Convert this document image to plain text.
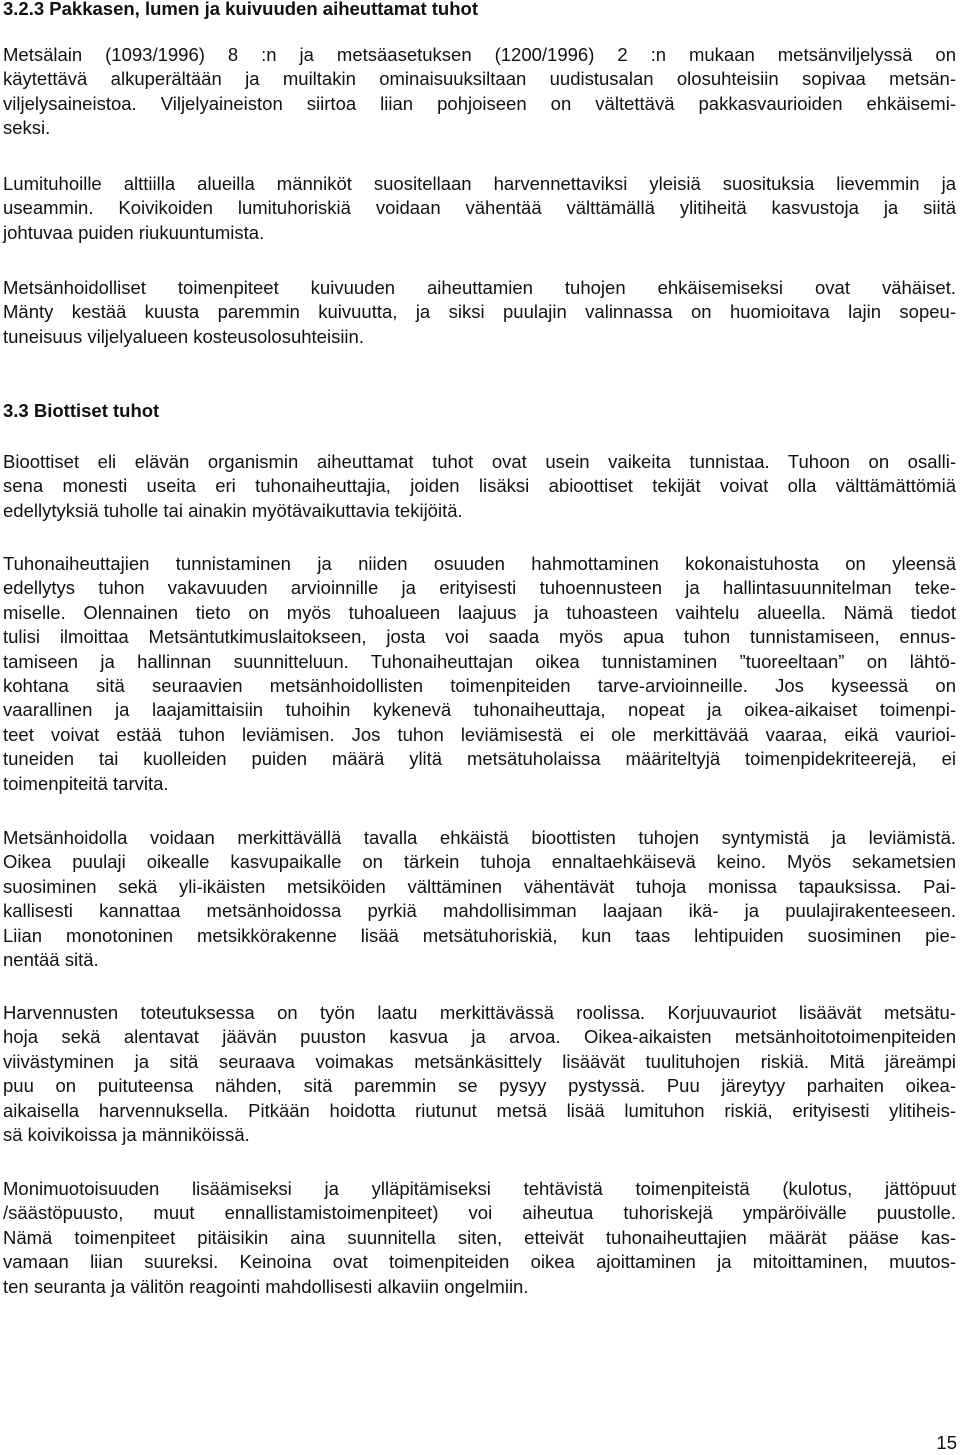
3.2.3 Pakkasen, lumen ja kuivuuden aiheuttamat tuhot

Metsälain (1093/1996) 8 :n ja metsäasetuksen (1200/1996) 2 :n mukaan metsänviljelyssä on
käytettävä alkuperältään ja muiltakin ominaisuuksiltaan uudistusalan olosuhteisiin sopivaa metsän-
viljelysaineistoa. Viljelyaineiston siirtoa liian pohjoiseen on vältettävä pakkasvaurioiden ehkäisemi-
seksi.

Lumituhoille alttiilla alueilla männiköt suositellaan harvennettaviksi yleisiä suosituksia lievemmin ja
useammin. Koivikoiden lumituhoriskiä voidaan vähentää välttämällä ylitiheitä kasvustoja ja siitä
johtuvaa puiden riukuuntumista.

Metsänhoidolliset toimenpiteet kuivuuden aiheuttamien tuhojen ehkäisemiseksi ovat vähäiset.
Mänty kestää kuusta paremmin kuivuutta, ja siksi puulajin valinnassa on huomioitava lajin sopeu-
tuneisuus viljelyalueen kosteusolosuhteisiin.

3.3 Biottiset tuhot

Bioottiset eli elävän organismin aiheuttamat tuhot ovat usein vaikeita tunnistaa. Tuhoon on osalli-
sena monesti useita eri tuhonaiheuttajia, joiden lisäksi abioottiset tekijät voivat olla välttämättömiä
edellytyksiä tuholle tai ainakin myötävaikuttavia tekijöitä.

Tuhonaiheuttajien tunnistaminen ja niiden osuuden hahmottaminen kokonaistuhosta on yleensä
edellytys tuhon vakavuuden arvioinnille ja erityisesti tuhoennusteen ja hallintasuunnitelman teke-
miselle. Olennainen tieto on myös tuhoalueen laajuus ja tuhoasteen vaihtelu alueella. Nämä tiedot
tulisi ilmoittaa Metsäntutkimuslaitokseen, josta voi saada myös apua tuhon tunnistamiseen, ennus-
tamiseen ja hallinnan suunnitteluun. Tuhonaiheuttajan oikea tunnistaminen ”tuoreeltaan” on lähtö-
kohtana sitä seuraavien metsänhoidollisten toimenpiteiden tarve-arvioinneille. Jos kyseessä on
vaarallinen ja laajamittaisiin tuhoihin kykenevä tuhonaiheuttaja, nopeat ja oikea-aikaiset toimenpi-
teet voivat estää tuhon leviämisen. Jos tuhon leviämisestä ei ole merkittävää vaaraa, eikä vaurioi-
tuneiden tai kuolleiden puiden määrä ylitä metsätuholaissa määriteltyjä toimenpidekriteerejä, ei
toimenpiteitä tarvita.

Metsänhoidolla voidaan merkittävällä tavalla ehkäistä bioottisten tuhojen syntymistä ja leviämistä.
Oikea puulaji oikealle kasvupaikalle on tärkein tuhoja ennaltaehkäisevä keino. Myös sekametsien
suosiminen sekä yli-ikäisten metsiköiden välttäminen vähentävät tuhoja monissa tapauksissa. Pai-
kallisesti kannattaa metsänhoidossa pyrkiä mahdollisimman laajaan ikä- ja puulajirakenteeseen.
Liian monotoninen metsikkörakenne lisää metsätuhoriskiä, kun taas lehtipuiden suosiminen pie-
nentää sitä.

Harvennusten toteutuksessa on työn laatu merkittävässä roolissa. Korjuuvauriot lisäävät metsätu-
hoja sekä alentavat jäävän puuston kasvua ja arvoa. Oikea-aikaisten metsänhoitotoimenpiteiden
viivästyminen ja sitä seuraava voimakas metsänkäsittely lisäävät tuulituhojen riskiä. Mitä järeämpi
puu on puituteensa nähden, sitä paremmin se pysyy pystyssä. Puu järeytyy parhaiten oikea-
aikaisella harvennuksella. Pitkään hoidotta riutunut metsä lisää lumituhon riskiä, erityisesti ylitiheis-
sä koivikoissa ja männiköissä.

Monimuotoisuuden lisäämiseksi ja ylläpitämiseksi tehtävistä toimenpiteistä (kulotus, jättöpuut
/säästöpuusto, muut ennallistamistoimenpiteet) voi aiheutua tuhoriskejä ympäröivälle puustolle.
Nämä toimenpiteet pitäisikin aina suunnitella siten, etteivät tuhonaiheuttajien määrät pääse kas-
vamaan liian suureksi. Keinoina ovat toimenpiteiden oikea ajoittaminen ja mitoittaminen, muutos-
ten seuranta ja välitön reagointi mahdollisesti alkaviin ongelmiin.

15
